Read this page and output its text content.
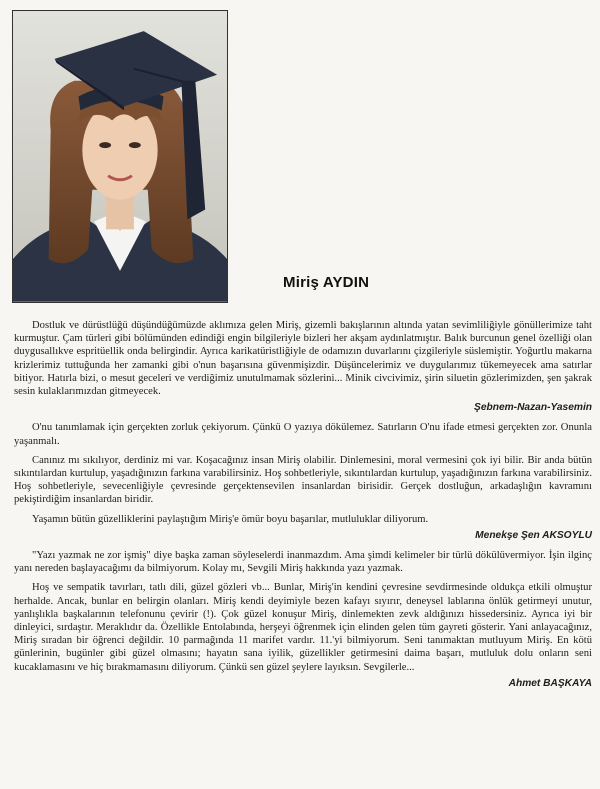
Miriş AYDIN

Dostluk ve dürüstlüğü düşündüğümüzde aklımıza gelen Miriş, gizemli bakışlarının altında yatan sevimliliğiyle gönüllerimize taht kurmuştur. Çam türleri gibi bölümünden edindiği engin bilgileriyle bizleri her akşam aydınlatmıştır. Balık burcunun genel özelliği olan duygusallıkve espritüellik onda belirgindir. Ayrıca karikatüristliğiyle de odamızın duvarlarını çizgileriyle süslemiştir. Yoğurtlu makarna krizlerimiz tuttuğunda her zamanki gibi o'nun başarısına güvenmişizdir. Düşüncelerimiz ve duygularımız tükemeyecek ama satırlar bitiyor. Hatırla bizi, o mesut geceleri ve verdiğimiz unutulmamak sözlerini... Minik civcivimiz, şirin siluetin gözlerimizden, şen şakrak sesin kulaklarımızdan gitmeyecek.

Şebnem-Nazan-Yasemin

O'nu tanımlamak için gerçekten zorluk çekiyorum. Çünkü O yazıya dökülemez. Satırların O'nu ifade etmesi gerçekten zor. Onunla yaşanmalı.

Canınız mı sıkılıyor, derdiniz mi var. Koşacağınız insan Miriş olabilir. Dinlemesini, moral vermesini çok iyi bilir. Bir anda bütün sıkıntılardan kurtulup, yaşadığınızın farkına varabilirsiniz. Hoş sohbetleriyle, sıkıntılardan kurtulup, yaşadığınızın farkına varabilirsiniz. Hoş sohbetleriyle, sevecenliğiyle çevresinde gerçektensevilen insanlardan birisidir. Gerçek dostluğun, arkadaşlığın kavramını pekiştirdiğim insanlardan biridir.

Yaşamın bütün güzelliklerini paylaştığım Miriş'e ömür boyu başarılar, mutluluklar diliyorum.

Menekşe Şen AKSOYLU

"Yazı yazmak ne zor işmiş" diye başka zaman söyleselerdi inanmazdım. Ama şimdi kelimeler bir türlü dökülüvermiyor. İşin ilginç yanı nereden başlayacağımı da bilmiyorum. Kolay mı, Sevgili Miriş hakkında yazı yazmak.

Hoş ve sempatik tavırları, tatlı dili, güzel gözleri vb... Bunlar, Miriş'in kendini çevresine sevdirmesinde oldukça etkili olmuştur herhalde. Ancak, bunlar en belirgin olanları. Miriş kendi deyimiyle bezen kafayı sıyırır, deneysel lablarına önlük getirmeyi unutur, yanlışlıkla başkalarının telefonunu çevirir (!). Çok güzel konuşur Miriş, dinlemekten zevk aldığınızı hissedersiniz. Ayrıca iyi bir dinleyici, sırdaştır. Meraklıdır da. Özellikle Entolabında, herşeyi öğrenmek için elinden gelen tüm gayreti gösterir. Yani anlayacağınız, Miriş sıradan bir öğrenci değildir. 10 parmağında 11 marifet vardır. 11.'yi bilmiyorum. Seni tanımaktan mutluyum Miriş. En kötü günlerinin, bugünler gibi güzel olmasını; hayatın sana iyilik, güzellikler getirmesini daima başarı, mutluluk dolu onların seni kucaklamasını ve hiç bırakmamasını diliyorum. Çünkü sen güzel şeylere layıksın. Sevgilerle...

Ahmet BAŞKAYA
